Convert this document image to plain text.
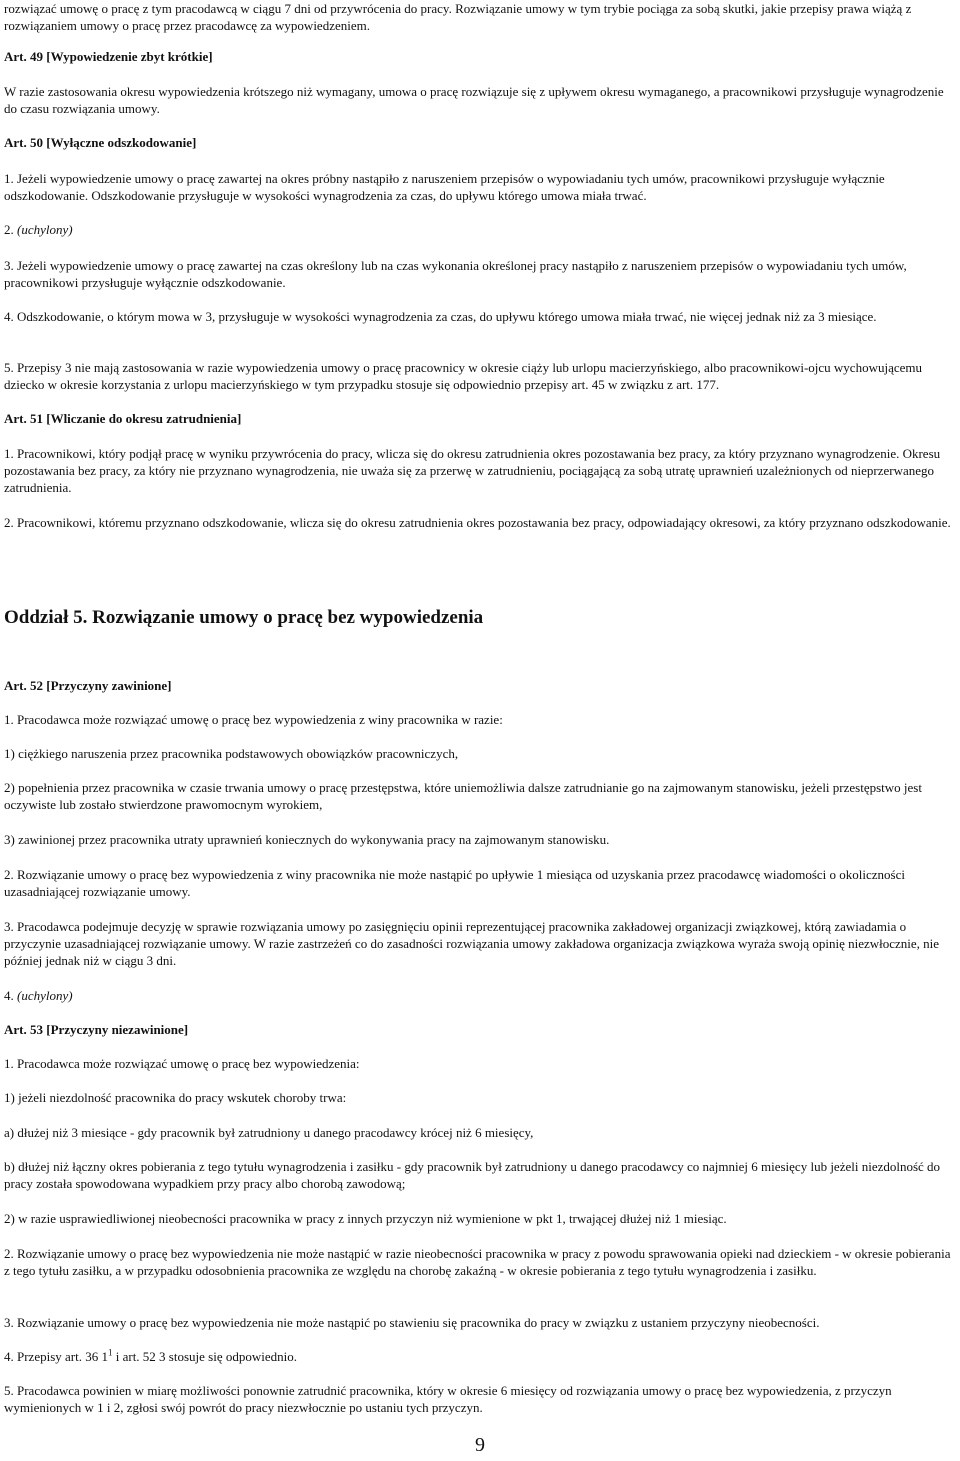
rozwiązać umowę o pracę z tym pracodawcą w ciągu 7 dni od przywrócenia do pracy. Rozwiązanie umowy w tym trybie pociąga za sobą skutki, jakie przepisy prawa wiążą z rozwiązaniem umowy o pracę przez pracodawcę za wypowiedzeniem.

Art. 49 [Wypowiedzenie zbyt krótkie]

W razie zastosowania okresu wypowiedzenia krótszego niż wymagany, umowa o pracę rozwiązuje się z upływem okresu wymaganego, a pracownikowi przysługuje wynagrodzenie do czasu rozwiązania umowy.

Art. 50 [Wyłączne odszkodowanie]

1. Jeżeli wypowiedzenie umowy o pracę zawartej na okres próbny nastąpiło z naruszeniem przepisów o wypowiadaniu tych umów, pracownikowi przysługuje wyłącznie odszkodowanie. Odszkodowanie przysługuje w wysokości wynagrodzenia za czas, do upływu którego umowa miała trwać.

2. (uchylony)

3. Jeżeli wypowiedzenie umowy o pracę zawartej na czas określony lub na czas wykonania określonej pracy nastąpiło z naruszeniem przepisów o wypowiadaniu tych umów, pracownikowi przysługuje wyłącznie odszkodowanie.

4. Odszkodowanie, o którym mowa w 3, przysługuje w wysokości wynagrodzenia za czas, do upływu którego umowa miała trwać, nie więcej jednak niż za 3 miesiące.

5. Przepisy 3 nie mają zastosowania w razie wypowiedzenia umowy o pracę pracownicy w okresie ciąży lub urlopu macierzyńskiego, albo pracownikowi-ojcu wychowującemu dziecko w okresie korzystania z urlopu macierzyńskiego w tym przypadku stosuje się odpowiednio przepisy art. 45 w związku z art. 177.

Art. 51 [Wliczanie do okresu zatrudnienia]

1. Pracownikowi, który podjął pracę w wyniku przywrócenia do pracy, wlicza się do okresu zatrudnienia okres pozostawania bez pracy, za który przyznano wynagrodzenie. Okresu pozostawania bez pracy, za który nie przyznano wynagrodzenia, nie uważa się za przerwę w zatrudnieniu, pociągającą za sobą utratę uprawnień uzależnionych od nieprzerwanego zatrudnienia.

2. Pracownikowi, któremu przyznano odszkodowanie, wlicza się do okresu zatrudnienia okres pozostawania bez pracy, odpowiadający okresowi, za który przyznano odszkodowanie.

Oddział 5. Rozwiązanie umowy o pracę bez wypowiedzenia

Art. 52 [Przyczyny zawinione]

1. Pracodawca może rozwiązać umowę o pracę bez wypowiedzenia z winy pracownika w razie:

1) ciężkiego naruszenia przez pracownika podstawowych obowiązków pracowniczych,

2) popełnienia przez pracownika w czasie trwania umowy o pracę przestępstwa, które uniemożliwia dalsze zatrudnianie go na zajmowanym stanowisku, jeżeli przestępstwo jest oczywiste lub zostało stwierdzone prawomocnym wyrokiem,

3) zawinionej przez pracownika utraty uprawnień koniecznych do wykonywania pracy na zajmowanym stanowisku.

2. Rozwiązanie umowy o pracę bez wypowiedzenia z winy pracownika nie może nastąpić po upływie 1 miesiąca od uzyskania przez pracodawcę wiadomości o okoliczności uzasadniającej rozwiązanie umowy.

3. Pracodawca podejmuje decyzję w sprawie rozwiązania umowy po zasięgnięciu opinii reprezentującej pracownika zakładowej organizacji związkowej, którą zawiadamia o przyczynie uzasadniającej rozwiązanie umowy. W razie zastrzeżeń co do zasadności rozwiązania umowy zakładowa organizacja związkowa wyraża swoją opinię niezwłocznie, nie później jednak niż w ciągu 3 dni.

4. (uchylony)

Art. 53 [Przyczyny niezawinione]

1. Pracodawca może rozwiązać umowę o pracę bez wypowiedzenia:

1) jeżeli niezdolność pracownika do pracy wskutek choroby trwa:

a) dłużej niż 3 miesiące - gdy pracownik był zatrudniony u danego pracodawcy krócej niż 6 miesięcy,

b) dłużej niż łączny okres pobierania z tego tytułu wynagrodzenia i zasiłku - gdy pracownik był zatrudniony u danego pracodawcy co najmniej 6 miesięcy lub jeżeli niezdolność do pracy została spowodowana wypadkiem przy pracy albo chorobą zawodową;

2) w razie usprawiedliwionej nieobecności pracownika w pracy z innych przyczyn niż wymienione w pkt 1, trwającej dłużej niż 1 miesiąc.

2. Rozwiązanie umowy o pracę bez wypowiedzenia nie może nastąpić w razie nieobecności pracownika w pracy z powodu sprawowania opieki nad dzieckiem - w okresie pobierania z tego tytułu zasiłku, a w przypadku odosobnienia pracownika ze względu na chorobę zakaźną - w okresie pobierania z tego tytułu wynagrodzenia i zasiłku.

3. Rozwiązanie umowy o pracę bez wypowiedzenia nie może nastąpić po stawieniu się pracownika do pracy w związku z ustaniem przyczyny nieobecności.

4. Przepisy art. 36 $1^1$ i art. 52 3 stosuje się odpowiednio.

5. Pracodawca powinien w miarę możliwości ponownie zatrudnić pracownika, który w okresie 6 miesięcy od rozwiązania umowy o pracę bez wypowiedzenia, z przyczyn wymienionych w 1 i 2, zgłosi swój powrót do pracy niezwłocznie po ustaniu tych przyczyn.

9
